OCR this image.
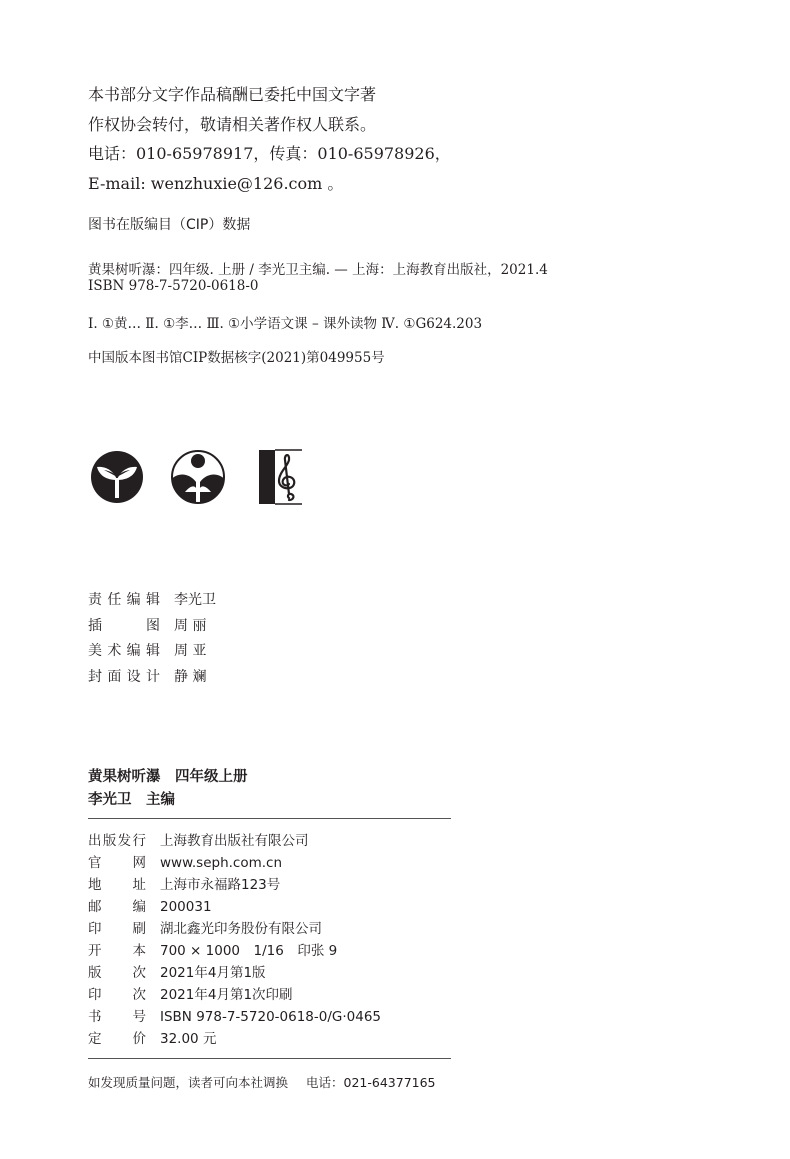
本书部分文字作品稿酬已委托中国文字著
作权协会转付，敬请相关著作权人联系。
电话：010-65978917，传真：010-65978926，
E-mail: wenzhuxie@126.com 。
图书在版编目（CIP）数据
黄果树听瀑：四年级. 上册 / 李光卫主编. — 上海：上海教育出版社，2021.4
ISBN 978-7-5720-0618-0
Ⅰ. ①黄… Ⅱ. ①李… Ⅲ. ①小学语文课 – 课外读物 Ⅳ. ①G624.203
中国版本图书馆CIP数据核字(2021)第049955号
责任编辑 李光卫
插图 周 丽
美术编辑 周 亚
封面设计 静 斓
黄果树听瀑　四年级上册
李光卫　主编
出版发行 上海教育出版社有限公司
官网 www.seph.com.cn
地址 上海市永福路123号
邮编 200031
印刷 湖北鑫光印务股份有限公司
开本 700 × 1000　1/16　印张 9
版次 2021年4月第1版
印次 2021年4月第1次印刷
书号 ISBN 978-7-5720-0618-0/G·0465
定价 32.00 元
如发现质量问题，读者可向本社调换 电话：021-64377165
